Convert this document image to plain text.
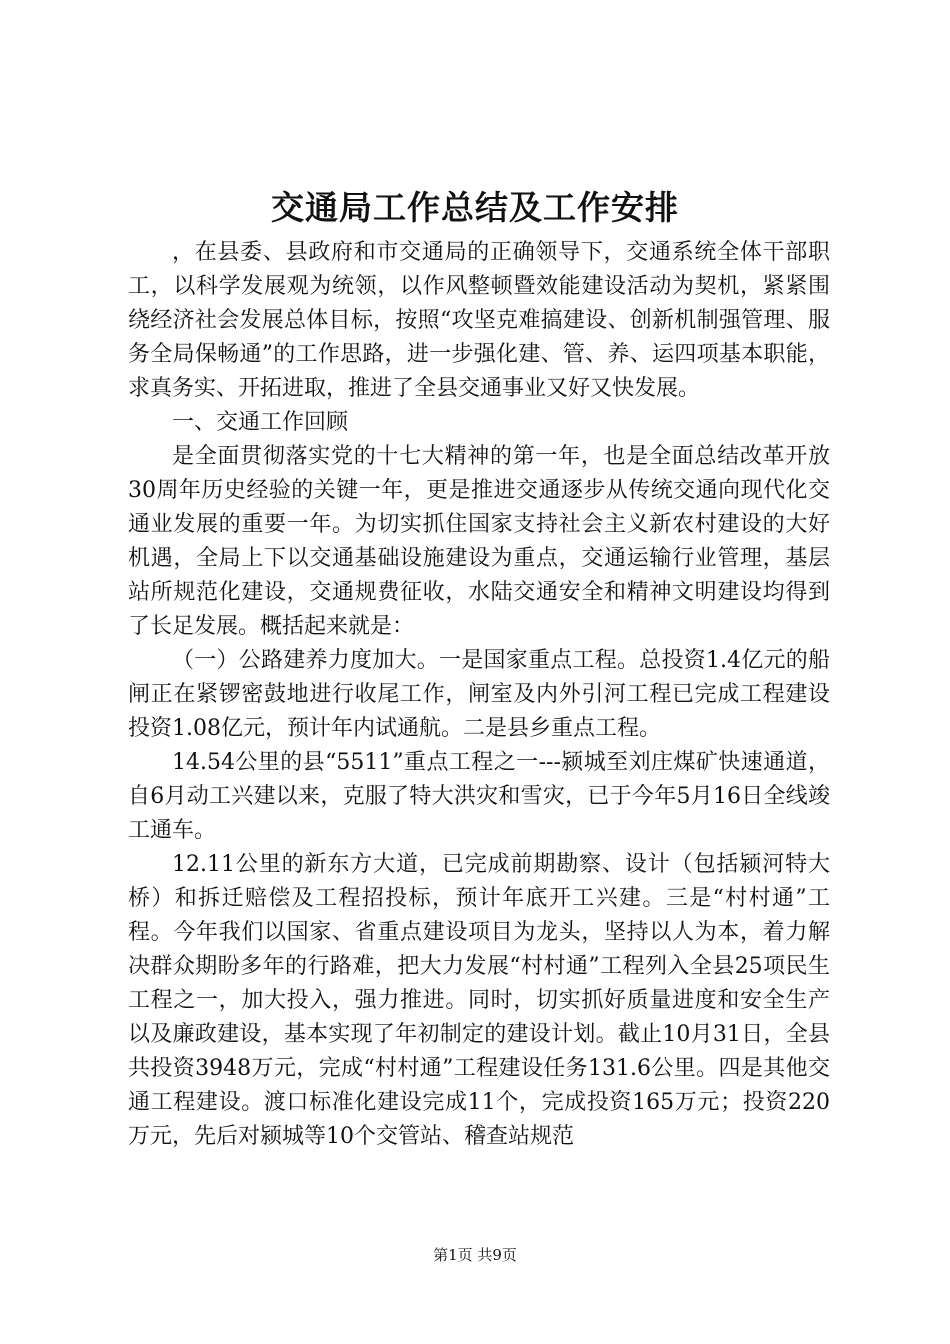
交通局工作总结及工作安排

，在县委、县政府和市交通局的正确领导下，交通系统全体干部职工，以科学发展观为统领，以作风整顿暨效能建设活动为契机，紧紧围绕经济社会发展总体目标，按照“攻坚克难搞建设、创新机制强管理、服务全局保畅通”的工作思路，进一步强化建、管、养、运四项基本职能，求真务实、开拓进取，推进了全县交通事业又好又快发展。

一、交通工作回顾

是全面贯彻落实党的十七大精神的第一年，也是全面总结改革开放30周年历史经验的关键一年，更是推进交通逐步从传统交通向现代化交通业发展的重要一年。为切实抓住国家支持社会主义新农村建设的大好机遇，全局上下以交通基础设施建设为重点，交通运输行业管理，基层站所规范化建设，交通规费征收，水陆交通安全和精神文明建设均得到了长足发展。概括起来就是：

（一）公路建养力度加大。一是国家重点工程。总投资1.4亿元的船闸正在紧锣密鼓地进行收尾工作，闸室及内外引河工程已完成工程建设投资1.08亿元，预计年内试通航。二是县乡重点工程。

14.54公里的县“5511”重点工程之一---颍城至刘庄煤矿快速通道，自6月动工兴建以来，克服了特大洪灾和雪灾，已于今年5月16日全线竣工通车。

12.11公里的新东方大道，已完成前期勘察、设计（包括颍河特大桥）和拆迁赔偿及工程招投标，预计年底开工兴建。三是“村村通”工程。今年我们以国家、省重点建设项目为龙头，坚持以人为本，着力解决群众期盼多年的行路难，把大力发展“村村通”工程列入全县25项民生工程之一，加大投入，强力推进。同时，切实抓好质量进度和安全生产以及廉政建设，基本实现了年初制定的建设计划。截止10月31日，全县共投资3948万元，完成“村村通”工程建设任务131.6公里。四是其他交通工程建设。渡口标准化建设完成11个，完成投资165万元；投资220万元，先后对颍城等10个交管站、稽查站规范

第1页 共9页
